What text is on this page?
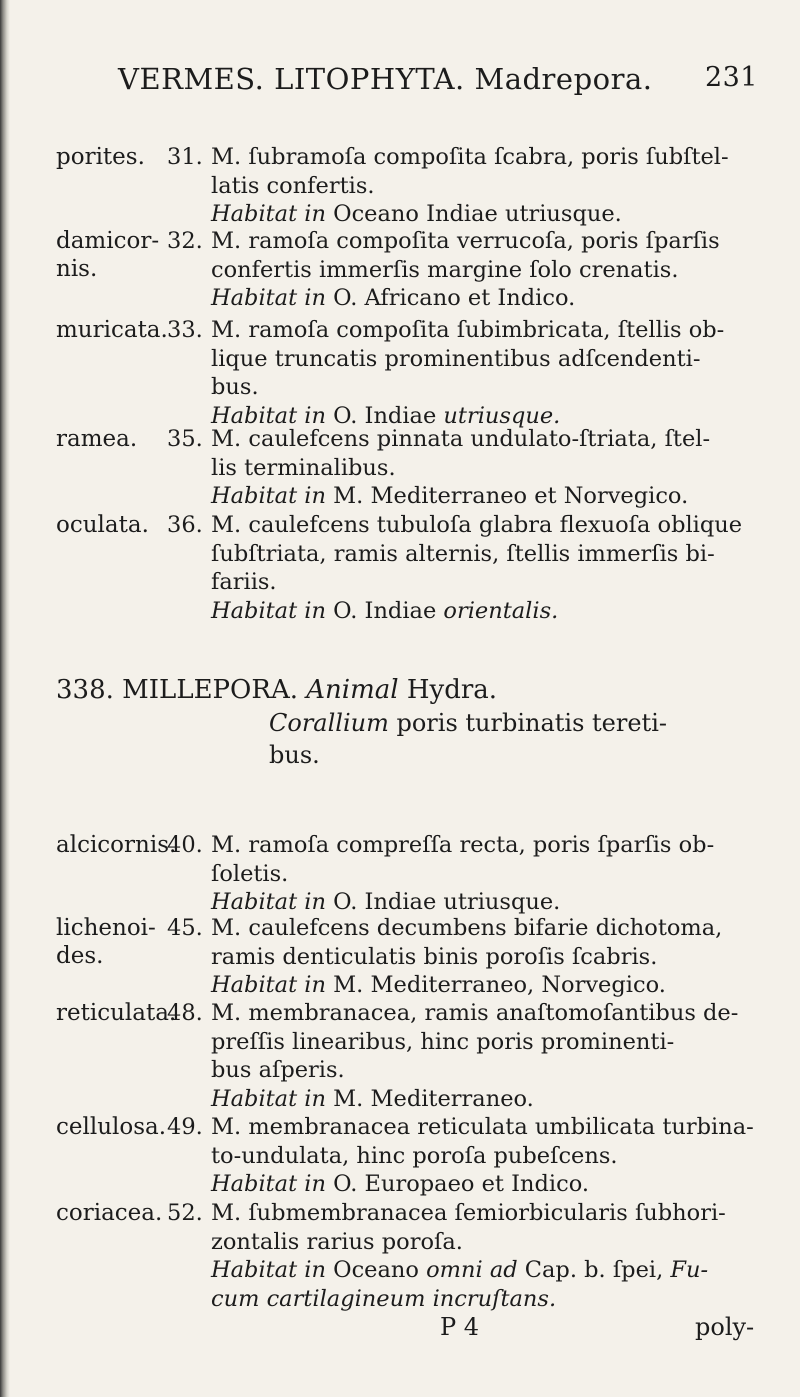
VERMES. LITOPHYTA. Madrepora. 231
porites. 31. M. ſubramoſa compoſita ſcabra, poris ſubſtel-
latis confertis.
Habitat in Oceano Indiae utriusque.
damicor-
nis.
32. M. ramoſa compoſita verrucoſa, poris ſparſis
confertis immerſis margine ſolo crenatis.
Habitat in O. Africano et Indico.
muricata. 33. M. ramoſa compoſita ſubimbricata, ſtellis ob-
lique truncatis prominentibus adſcendenti-
bus.
Habitat in O. Indiae utriusque.
ramea. 35. M. caulefcens pinnata undulato-ſtriata, ſtel-
lis terminalibus.
Habitat in M. Mediterraneo et Norvegico.
oculata. 36. M. caulefcens tubuloſa glabra flexuoſa oblique
ſubſtriata, ramis alternis, ſtellis immerſis bi-
fariis.
Habitat in O. Indiae orientalis.
338. MILLEPORA. Animal Hydra.
Corallium poris turbinatis tereti-
bus.
alcicornis.
40. M. ramoſa compreſſa recta, poris ſparſis ob-
ſoletis.
Habitat in O. Indiae utriusque.
lichenoi-
des.
45. M. caulefcens decumbens bifarie dichotoma,
ramis denticulatis binis poroſis ſcabris.
Habitat in M. Mediterraneo, Norvegico.
reticulata.
48. M. membranacea, ramis anaſtomoſantibus de-
preſſis linearibus, hinc poris prominenti-
bus aſperis.
Habitat in M. Mediterraneo.
cellulosa. 49. M. membranacea reticulata umbilicata turbina-
to-undulata, hinc poroſa pubeſcens.
Habitat in O. Europaeo et Indico.
coriacea. 52. M. ſubmembranacea ſemiorbicularis ſubhori-
zontalis rarius poroſa.
Habitat in Oceano omni ad Cap. b. ſpei, Fu-
cum cartilagineum incruſtans.
P 4	poly-
